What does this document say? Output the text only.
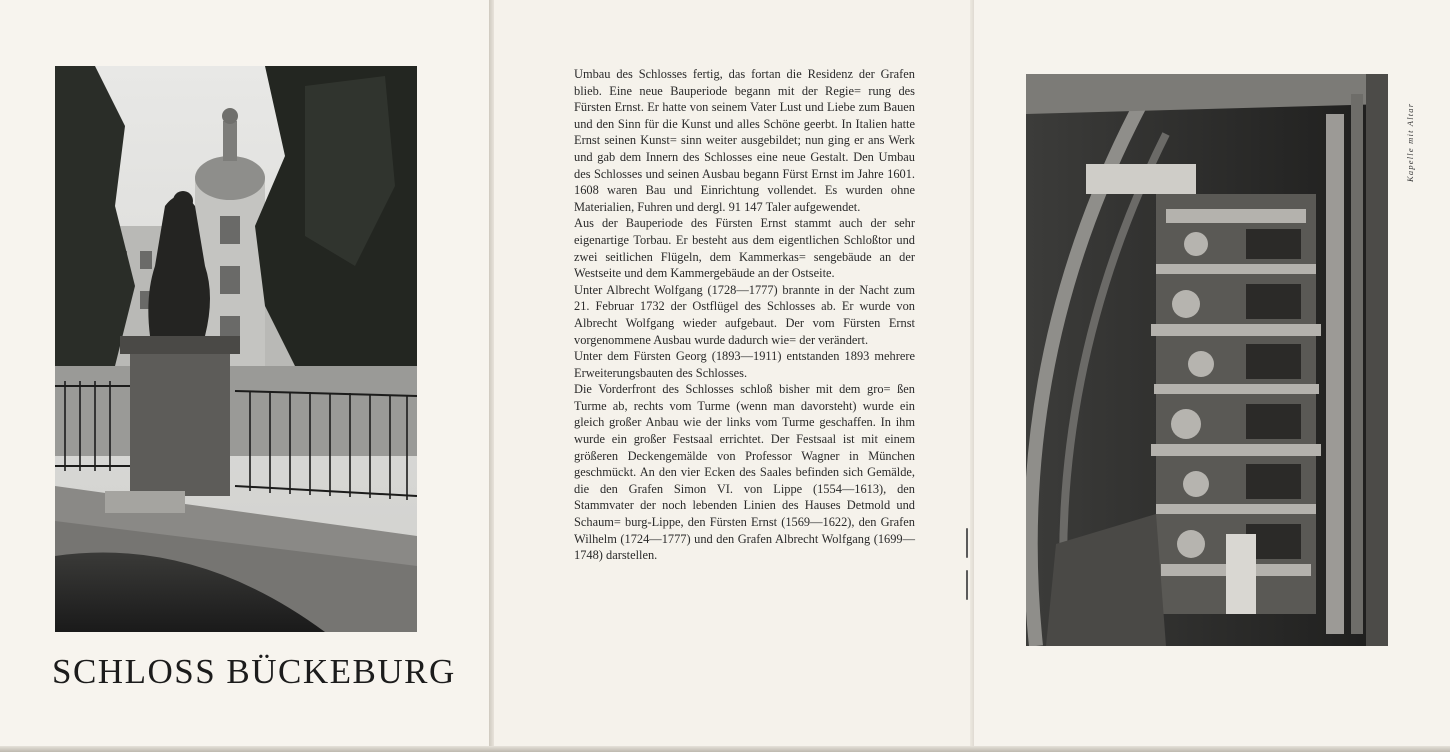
SCHLOSS BÜCKEBURG

Umbau des Schlosses fertig, das fortan die Residenz der Grafen blieb. Eine neue Bauperiode begann mit der Regie= rung des Fürsten Ernst. Er hatte von seinem Vater Lust und Liebe zum Bauen und den Sinn für die Kunst und alles Schöne geerbt. In Italien hatte Ernst seinen Kunst= sinn weiter ausgebildet; nun ging er ans Werk und gab dem Innern des Schlosses eine neue Gestalt. Den Umbau des Schlosses und seinen Ausbau begann Fürst Ernst im Jahre 1601. 1608 waren Bau und Einrichtung vollendet. Es wurden ohne Materialien, Fuhren und dergl. 91 147 Taler aufgewendet.

Aus der Bauperiode des Fürsten Ernst stammt auch der sehr eigenartige Torbau. Er besteht aus dem eigentlichen Schloßtor und zwei seitlichen Flügeln, dem Kammerkas= sengebäude an der Westseite und dem Kammergebäude an der Ostseite.

Unter Albrecht Wolfgang (1728—1777) brannte in der Nacht zum 21. Februar 1732 der Ostflügel des Schlosses ab. Er wurde von Albrecht Wolfgang wieder aufgebaut. Der vom Fürsten Ernst vorgenommene Ausbau wurde dadurch wie= der verändert.

Unter dem Fürsten Georg (1893—1911) entstanden 1893 mehrere Erweiterungsbauten des Schlosses.

Die Vorderfront des Schlosses schloß bisher mit dem gro= ßen Turme ab, rechts vom Turme (wenn man davorsteht) wurde ein gleich großer Anbau wie der links vom Turme geschaffen. In ihm wurde ein großer Festsaal errichtet. Der Festsaal ist mit einem größeren Deckengemälde von Professor Wagner in München geschmückt. An den vier Ecken des Saales befinden sich Gemälde, die den Grafen Simon VI. von Lippe (1554—1613), den Stammvater der noch lebenden Linien des Hauses Detmold und Schaum= burg-Lippe, den Fürsten Ernst (1569—1622), den Grafen Wilhelm (1724—1777) und den Grafen Albrecht Wolfgang (1699—1748) darstellen.

Kapelle mit Altar
